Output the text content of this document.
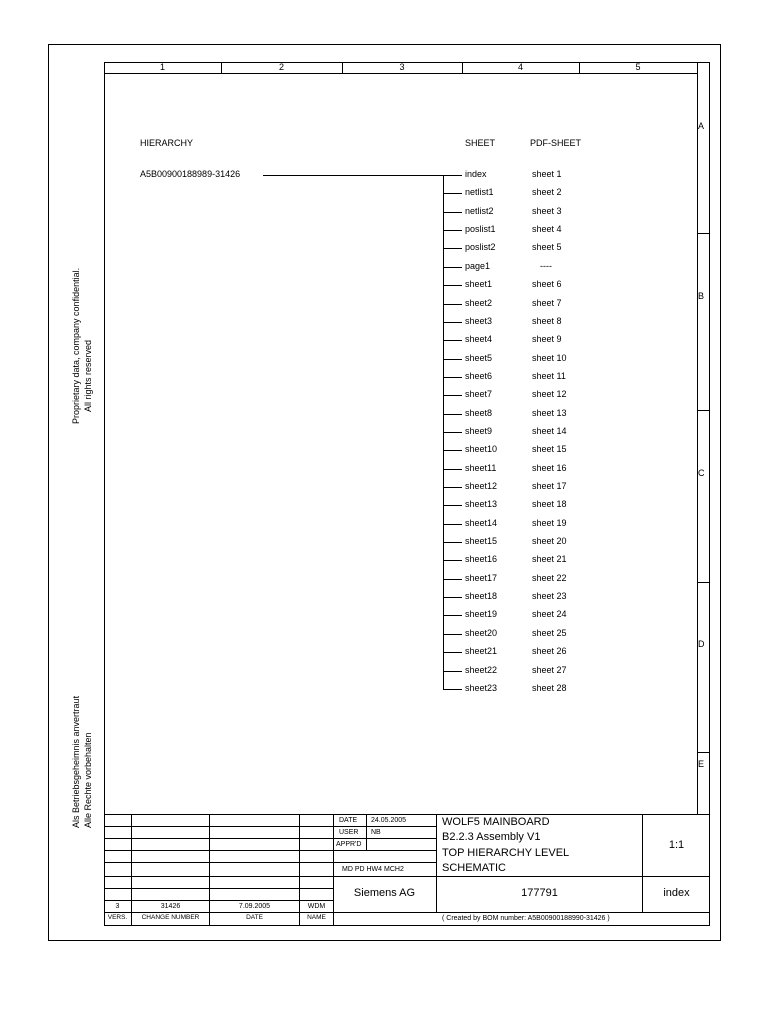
Proprietary data, company confidential. All rights reserved
Als Betriebsgeheimnis anvertraut Alle Rechte vorbehalten
1	2	3	4	5
A
B
C
D
E
HIERARCHY	SHEET	PDF-SHEET
A5B00900188989-31426	index	sheet 1
netlist1	sheet 2
netlist2	sheet 3
poslist1	sheet 4
poslist2	sheet 5
page1	----
sheet1	sheet 6
sheet2	sheet 7
sheet3	sheet 8
sheet4	sheet 9
sheet5	sheet 10
sheet6	sheet 11
sheet7	sheet 12
sheet8	sheet 13
sheet9	sheet 14
sheet10	sheet 15
sheet11	sheet 16
sheet12	sheet 17
sheet13	sheet 18
sheet14	sheet 19
sheet15	sheet 20
sheet16	sheet 21
sheet17	sheet 22
sheet18	sheet 23
sheet19	sheet 24
sheet20	sheet 25
sheet21	sheet 26
sheet22	sheet 27
sheet23	sheet 28
DATE 24.05.2005
USER NB
APPR'D
MD PD HW4 MCH2
WOLF5 MAINBOARD
B2.2.3 Assembly V1
TOP HIERARCHY LEVEL
SCHEMATIC
1:1
Siemens AG	177791	index
( Created by BOM number: A5B00900188990-31426 )
3	31426	7.09.2005	WDM
VERS.	CHANGE NUMBER	DATE	NAME
